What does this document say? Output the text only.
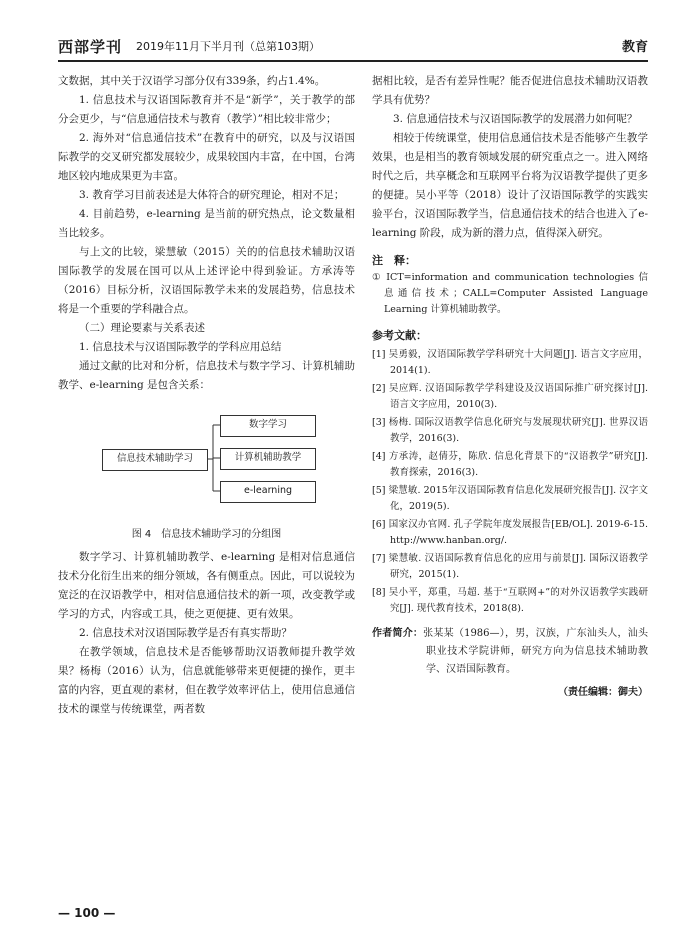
西部学刊 2019年11月下半月刊（总第103期）	教育

文数据，其中关于汉语学习部分仅有339条，约占1.4%。

1. 信息技术与汉语国际教育并不是“新学”，关于教学的部分会更少，与“信息通信技术与教育（教学）”相比较非常少；

2. 海外对“信息通信技术”在教育中的研究，以及与汉语国际教学的交叉研究都发展较少，成果较国内丰富，在中国，台湾地区较内地成果更为丰富。

3. 教育学习目前表述是大体符合的研究理论，相对不足；

4. 目前趋势，e-learning 是当前的研究热点，论文数量相当比较多。

与上文的比较，梁慧敏（2015）关的的信息技术辅助汉语国际教学的发展在国可以从上述评论中得到验证。方承涛等（2016）目标分析，汉语国际教学未来的发展趋势，信息技术将是一个重要的学科融合点。

（二）理论要素与关系表述

1. 信息技术与汉语国际教学的学科应用总结

通过文献的比对和分析，信息技术与数字学习、计算机辅助教学、e-learning 是包含关系：

信息技术辅助学习
数字学习
计算机辅助教学
e-learning
图 4　信息技术辅助学习的分组图

数字学习、计算机辅助教学、e-learning 是相对信息通信技术分化衍生出来的细分领域，各有侧重点。因此，可以说较为宽泛的在汉语教学中，相对信息通信技术的新一项，改变教学或学习的方式，内容或工具，使之更便捷、更有效果。

2. 信息技术对汉语国际教学是否有真实帮助？

在教学领域，信息技术是否能够帮助汉语教师提升教学效果？杨梅（2016）认为，信息就能够带来更便捷的操作，更丰富的内容，更直观的素材，但在教学效率评估上，使用信息通信技术的课堂与传统课堂，两者数

据相比较，是否有差异性呢？能否促进信息技术辅助汉语教学具有优势？

3. 信息通信技术与汉语国际教学的发展潜力如何呢？

相较于传统课堂，使用信息通信技术是否能够产生教学效果，也是相当的教育领域发展的研究重点之一。进入网络时代之后，共享概念和互联网平台将为汉语教学提供了更多的便捷。吴小平等（2018）设计了汉语国际教学的实践实验平台，汉语国际教学当，信息通信技术的结合也进入了e-learning 阶段，成为新的潜力点，值得深入研究。

注　释：
① ICT=information and communication technologies 信息通信技术；CALL=Computer Assisted Language Learning 计算机辅助教学。
参考文献：
[1] 吴勇毅，汉语国际教学学科研究十大问题[J]. 语言文字应用，2014(1).
[2] 吴应辉. 汉语国际教学学科建设及汉语国际推广研究探讨[J]. 语言文字应用，2010(3).
[3] 杨梅. 国际汉语教学信息化研究与发展现状研究[J]. 世界汉语教学，2016(3).
[4] 方承涛，赵倩芬，陈欣. 信息化背景下的“汉语教学”研究[J]. 教育探索，2016(3).
[5] 梁慧敏. 2015年汉语国际教育信息化发展研究报告[J]. 汉字文化，2019(5).
[6] 国家汉办官网. 孔子学院年度发展报告[EB/OL]. 2019-6-15. http://www.hanban.org/.
[7] 梁慧敏. 汉语国际教育信息化的应用与前景[J]. 国际汉语教学研究，2015(1).
[8] 吴小平，郑重，马超. 基于“互联网+”的对外汉语教学实践研究[J]. 现代教育技术，2018(8).
作者简介：张某某（1986—），男，汉族，广东汕头人，汕头职业技术学院讲师，研究方向为信息技术辅助教学、汉语国际教育。
（责任编辑：御夫）
— 100 —
